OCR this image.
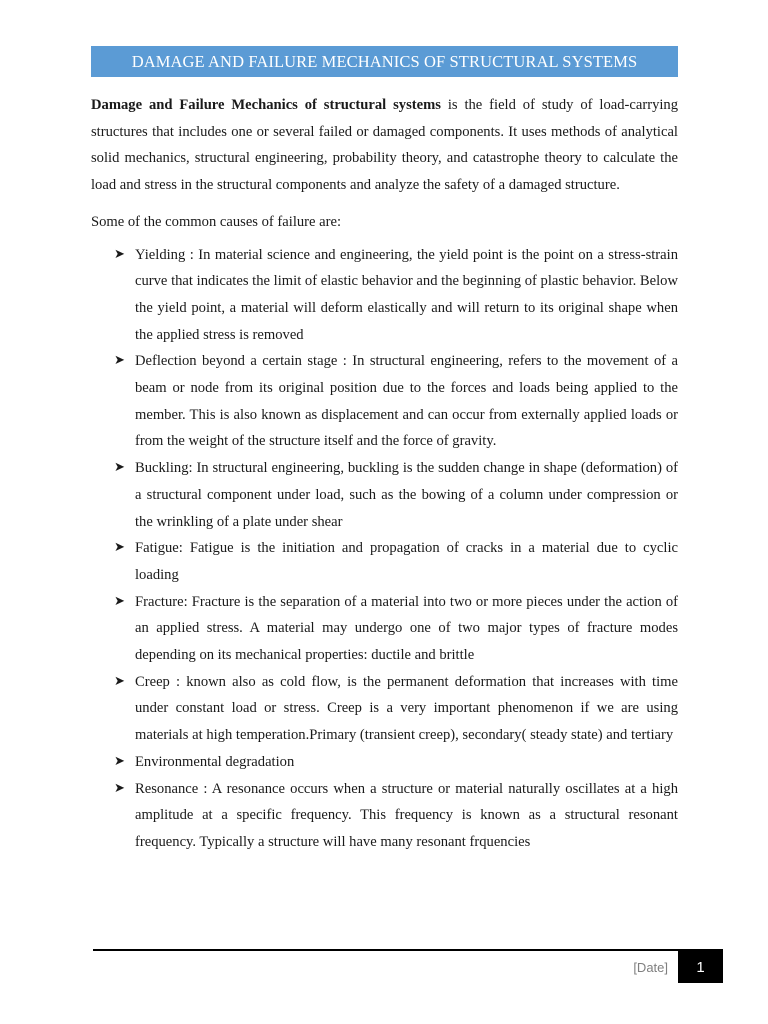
DAMAGE AND FAILURE MECHANICS OF STRUCTURAL SYSTEMS

Damage and Failure Mechanics of structural systems is the field of study of load-carrying structures that includes one or several failed or damaged components. It uses methods of analytical solid mechanics, structural engineering, probability theory, and catastrophe theory to calculate the load and stress in the structural components and analyze the safety of a damaged structure.

Some of the common causes of failure are:

➤ Yielding : In material science and engineering, the yield point is the point on a stress-strain curve that indicates the limit of elastic behavior and the beginning of plastic behavior. Below the yield point, a material will deform elastically and will return to its original shape when the applied stress is removed
➤ Deflection beyond a certain stage : In structural engineering, refers to the movement of a beam or node from its original position due to the forces and loads being applied to the member. This is also known as displacement and can occur from externally applied loads or from the weight of the structure itself and the force of gravity.
➤ Buckling: In structural engineering, buckling is the sudden change in shape (deformation) of a structural component under load, such as the bowing of a column under compression or the wrinkling of a plate under shear
➤ Fatigue: Fatigue is the initiation and propagation of cracks in a material due to cyclic loading
➤ Fracture: Fracture is the separation of a material into two or more pieces under the action of an applied stress. A material may undergo one of two major types of fracture modes depending on its mechanical properties: ductile and brittle
➤ Creep : known also as cold flow, is the permanent deformation that increases with time under constant load or stress. Creep is a very important phenomenon if we are using materials at high temperation.Primary (transient creep), secondary( steady state) and tertiary
➤ Environmental degradation
➤ Resonance : A resonance occurs when a structure or material naturally oscillates at a high amplitude at a specific frequency. This frequency is known as a structural resonant frequency. Typically a structure will have many resonant frquencies
[Date] 1
